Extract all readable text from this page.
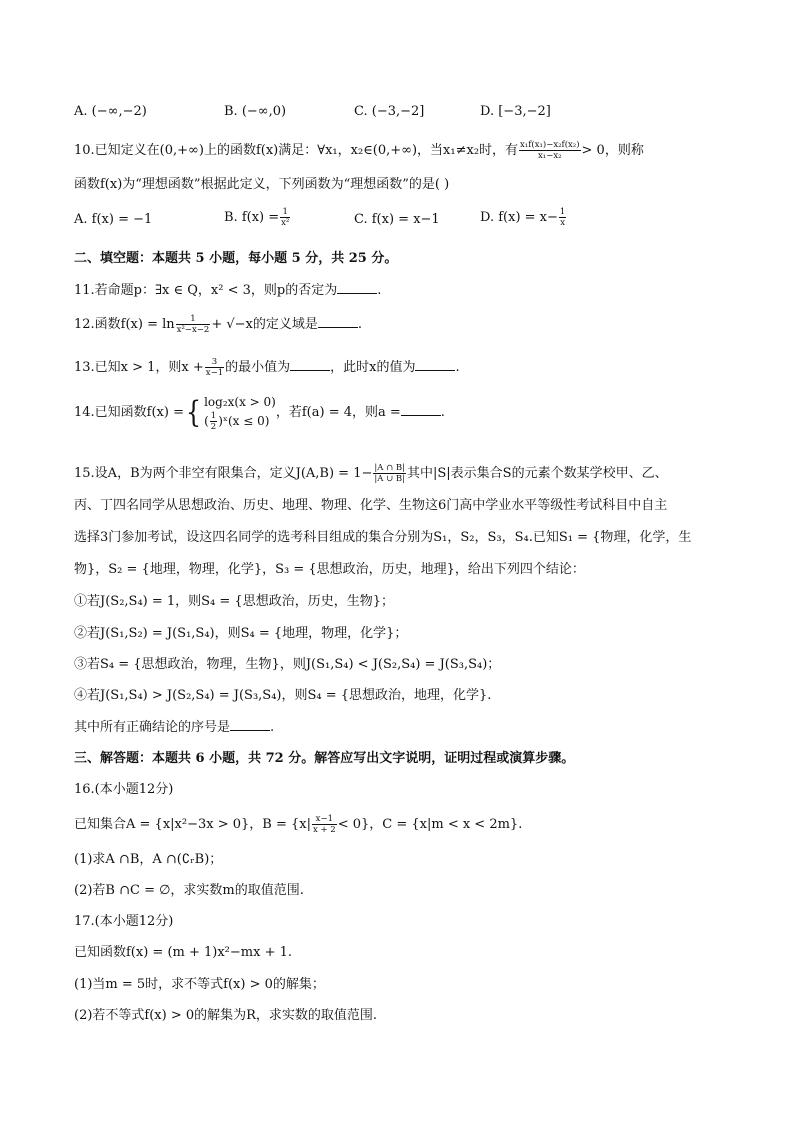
A. (−∞,−2)	B. (−∞,0)	C. (−3,−2]	D. [−3,−2]
10.已知定义在(0,+∞)上的函数f(x)满足：∀x₁，x₂∈(0,+∞)，当x₁≠x₂时，有 $\frac{\text{x₁f(x₁)−x₂f(x₂)}}{\text{x₁−x₂}} > 0$，则称
函数f(x)为“理想函数”根据此定义，下列函数为“理想函数”的是( )
A. f(x) = −1	B. $f(x) = \frac{1}{\text{x²}}$	C. f(x) = x−1	D. $f(x) = x- \frac{1}{x}$
二、填空题：本题共 5 小题，每小题 5 分，共 25 分。
11.若命题p：∃x ∈ Q，x² < 3，则p的否定为	.
12.函数$f(x) = \ln \frac{1}{\text{x²−x−2}} + √-x$的定义域是	.
13.已知x > 1，则$x + \frac{3}{x-1}$ 的最小值为	，此时x的值为	.
14.已知函数f(x) ={ log₂x(x > 0)
( $\frac{1}{2}$ )ˣ(x ≤ 0)
，若f(a) = 4，则a =	.
15.设A，B为两个非空有限集合，定义$J(A,B) = 1- \frac{|A \cap B|}{|A \cup B|}$ 其中|S|表示集合S的元素个数某学校甲、乙、
丙、丁四名同学从思想政治、历史、地理、物理、化学、生物这6门高中学业水平等级性考试科目中自主
选择3门参加考试，设这四名同学的选考科目组成的集合分别为S₁，S₂，S₃，S₄.已知S₁ = {物理，化学，生
物}，S₂ = {地理，物理，化学}，S₃ = {思想政治，历史，地理}，给出下列四个结论：
①若J(S₂,S₄) = 1，则S₄ = {思想政治，历史，生物}；
②若J(S₁,S₂) = J(S₁,S₄)，则S₄ = {地理，物理，化学}；
③若S₄ = {思想政治，物理，生物}，则J(S₁,S₄) < J(S₂,S₄) = J(S₃,S₄)；
④若J(S₁,S₄) > J(S₂,S₄) = J(S₃,S₄)，则S₄ = {思想政治，地理，化学}.
其中所有正确结论的序号是	.
三、解答题：本题共 6 小题，共 72 分。解答应写出文字说明，证明过程或演算步骤。
16.(本小题12分)
已知集合A = {x|x²−3x > 0}，$B = \{x| \frac{x-1}{x + 2} < 0\}$，C = {x|m < x < 2m}.
(1)求A ∩B，A ∩(∁ᵣB)；
(2)若B ∩C = ∅，求实数m的取值范围.
17.(本小题12分)
已知函数f(x) = (m + 1)x²−mx + 1.
(1)当m = 5时，求不等式f(x) > 0的解集；
(2)若不等式f(x) > 0的解集为R，求实数的取值范围.
